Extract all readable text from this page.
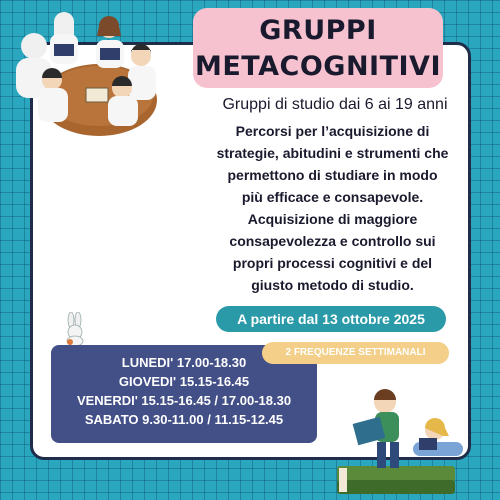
GRUPPI
METACOGNITIVI
Gruppi di studio dai 6 ai 19 anni
Percorsi per l’acquisizione di
strategie, abitudini e strumenti che
permettono di studiare in modo
più efficace e consapevole.
Acquisizione di maggiore
consapevolezza e controllo sui
propri processi cognitivi e del
giusto metodo di studio.
A partire dal 13 ottobre 2025
LUNEDI' 17.00-18.30
GIOVEDI' 15.15-16.45
VENERDI' 15.15-16.45 / 17.00-18.30
SABATO 9.30-11.00 / 11.15-12.45
2 FREQUENZE SETTIMANALI
